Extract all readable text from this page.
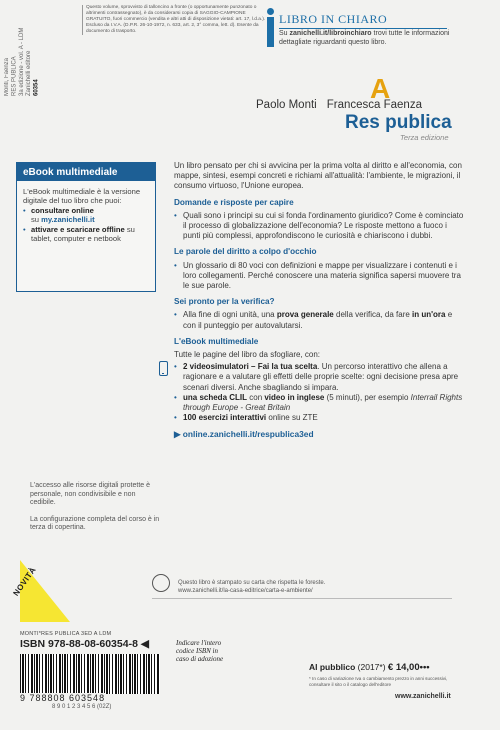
Monti, Faenza RES PUBLICA 3a edizione - vol. A - LDM Zanichelli editore 60354
Questo volume, sprovvisto di talloncino a fronte (o opportunamente punzonato o altrimenti contrassegnato), è da considerarsi copia di SAGGIO-CAMPIONE GRATUITO, fuori commercio (vendita e altri atti di disposizione vietati: art. 17, l.d.a.). Escluso da I.V.A. (D.P.R. 26-10-1972, n. 633, art. 2, 3° comma, lett. d). Esente da documento di trasporto.
LIBRO IN CHIARO
Su zanichelli.it/libroinchiaro trovi tutte le informazioni dettagliate riguardanti questo libro.
A
Paolo Monti Francesca Faenza
Res publica
Terza edizione
eBook multimediale
L'eBook multimediale è la versione digitale del tuo libro che puoi:
• consultare online
su my.zanichelli.it
• attivare e scaricare offline su tablet, computer e netbook

Un libro pensato per chi si avvicina per la prima volta al diritto e all'economia, con mappe, sintesi, esempi concreti e richiami all'attualità: l'ambiente, le migrazioni, il consumo virtuoso, l'Unione europea.

Domande e risposte per capire
• Quali sono i principi su cui si fonda l'ordinamento giuridico? Come è cominciato il processo di globalizzazione dell'economia? Le risposte mettono a fuoco i punti più complessi, approfondiscono le curiosità e chiariscono i dubbi.
Le parole del diritto a colpo d'occhio
• Un glossario di 80 voci con definizioni e mappe per visualizzare i contenuti e i loro collegamenti. Perché conoscere una materia significa sapersi muovere tra le sue parole.
Sei pronto per la verifica?
• Alla fine di ogni unità, una prova generale della verifica, da fare in un'ora e con il punteggio per autovalutarsi.
L'eBook multimediale
Tutte le pagine del libro da sfogliare, con:
• 2 videosimulatori – Fai la tua scelta. Un percorso interattivo che allena a ragionare e a valutare gli effetti delle proprie scelte: ogni decisione presa apre scenari diversi. Anche sbagliando si impara.
• una scheda CLIL con video in inglese (5 minuti), per esempio Interrail Rights through Europe - Great Britain
• 100 esercizi interattivi online su ZTE
▶ online.zanichelli.it/respublica3ed

L'accesso alle risorse digitali protette è personale, non condivisibile e non cedibile.

La configurazione completa del corso è in terza di copertina.

NOVITÀ	Questo libro è stampato su carta che rispetta le foreste.
www.zanichelli.it/la-casa-editrice/carta-e-ambiente/
MONTI*RES PUBLICA 3ED A LDM
ISBN 978-88-08-60354-8 ◀	Indicare l'intero codice ISBN in caso di adozione
9 788808 603548
8 9 0 1 2 3 4 5 6 (02Z)
Al pubblico (2017*) € 14,00•••
* In caso di variazione Iva o cambiamento prezzo in anni successivi, consultare il sito o il catalogo dell'editore
www.zanichelli.it
